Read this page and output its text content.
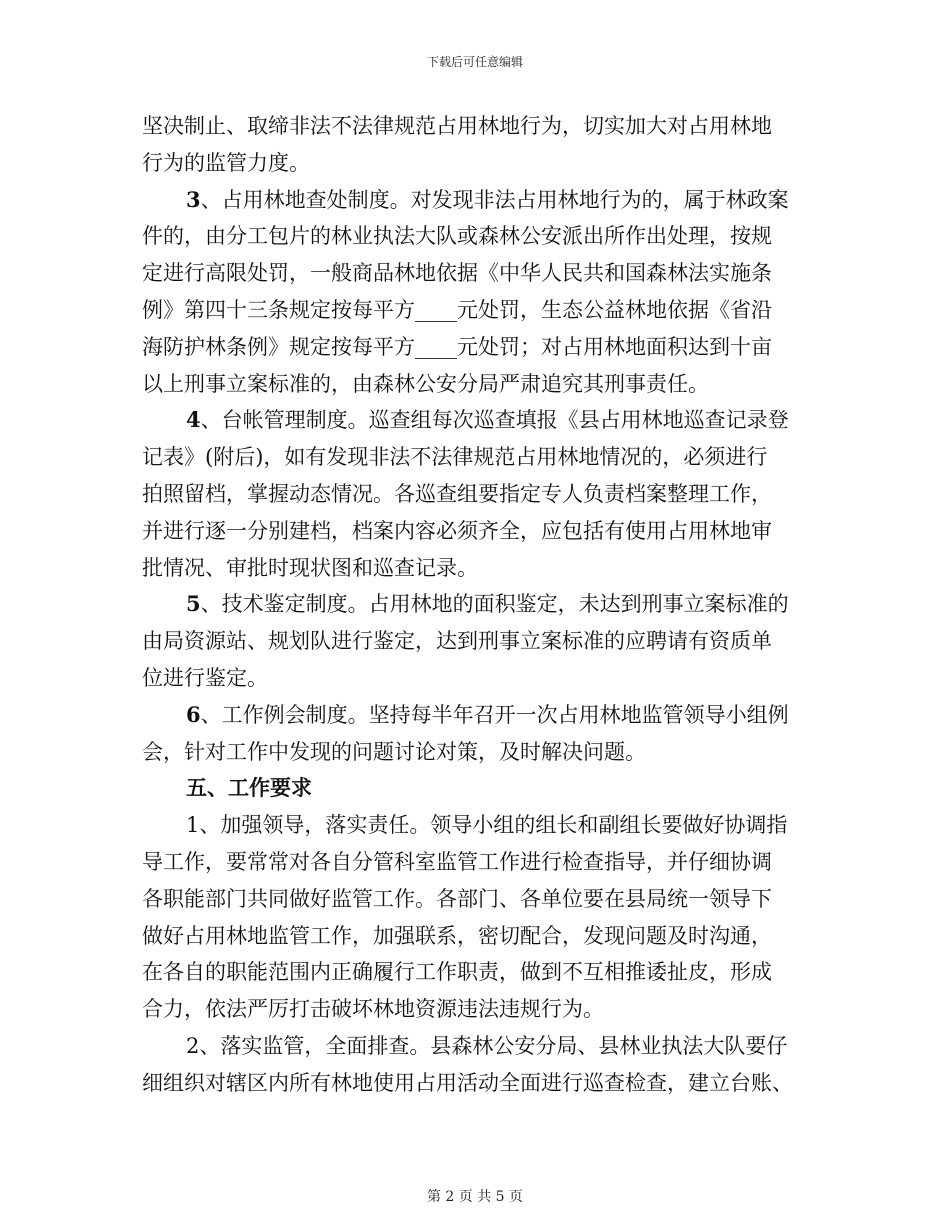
下载后可任意编辑
坚决制止、取缔非法不法律规范占用林地行为，切实加大对占用林地
行为的监管力度。
3、占用林地查处制度。对发现非法占用林地行为的，属于林政案
件的，由分工包片的林业执法大队或森林公安派出所作出处理，按规
定进行高限处罚，一般商品林地依据《中华人民共和国森林法实施条
例》第四十三条规定按每平方____元处罚，生态公益林地依据《省沿
海防护林条例》规定按每平方____元处罚；对占用林地面积达到十亩
以上刑事立案标准的，由森林公安分局严肃追究其刑事责任。
4、台帐管理制度。巡查组每次巡查填报《县占用林地巡查记录登
记表》(附后)，如有发现非法不法律规范占用林地情况的，必须进行
拍照留档，掌握动态情况。各巡查组要指定专人负责档案整理工作，
并进行逐一分别建档，档案内容必须齐全，应包括有使用占用林地审
批情况、审批时现状图和巡查记录。
5、技术鉴定制度。占用林地的面积鉴定，未达到刑事立案标准的
由局资源站、规划队进行鉴定，达到刑事立案标准的应聘请有资质单
位进行鉴定。
6、工作例会制度。坚持每半年召开一次占用林地监管领导小组例
会，针对工作中发现的问题讨论对策，及时解决问题。
五、工作要求
1、加强领导，落实责任。领导小组的组长和副组长要做好协调指
导工作，要常常对各自分管科室监管工作进行检查指导，并仔细协调
各职能部门共同做好监管工作。各部门、各单位要在县局统一领导下
做好占用林地监管工作，加强联系，密切配合，发现问题及时沟通，
在各自的职能范围内正确履行工作职责，做到不互相推诿扯皮，形成
合力，依法严厉打击破坏林地资源违法违规行为。
2、落实监管，全面排查。县森林公安分局、县林业执法大队要仔
细组织对辖区内所有林地使用占用活动全面进行巡查检查，建立台账、
第 2 页 共 5 页
